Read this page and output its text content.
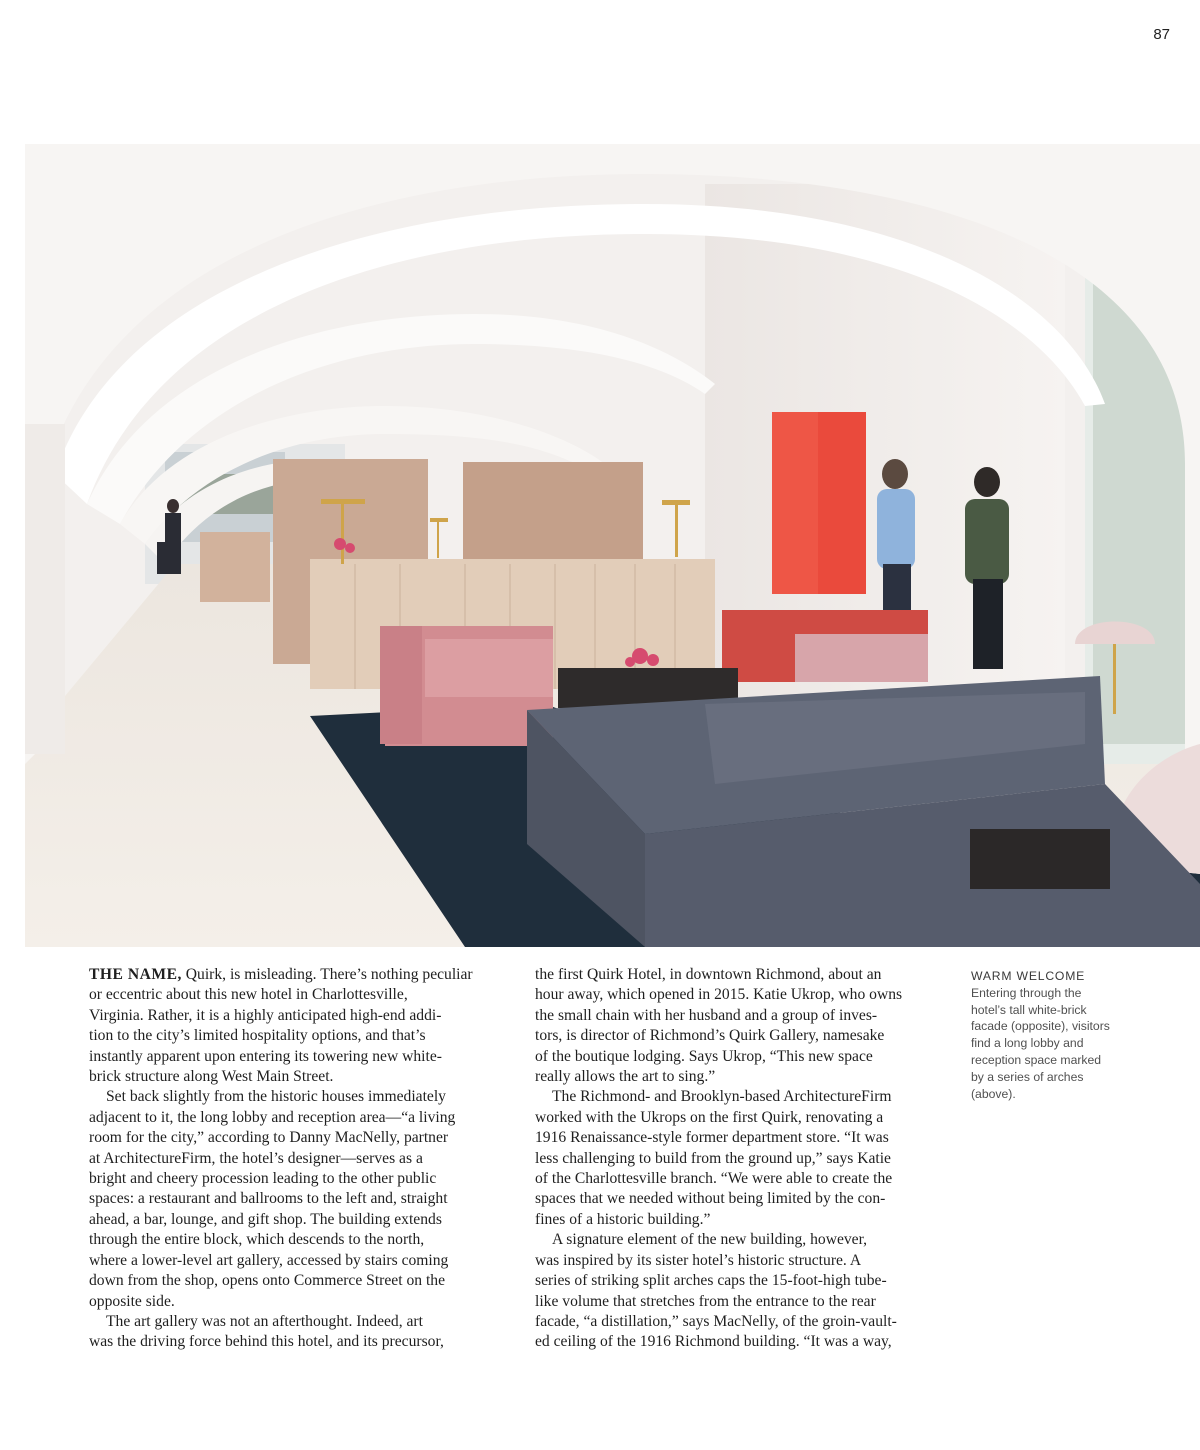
87

THE NAME, Quirk, is misleading. There’s nothing peculiar
or eccentric about this new hotel in Charlottesville,
Virginia. Rather, it is a highly anticipated high-end addi-
tion to the city’s limited hospitality options, and that’s
instantly apparent upon entering its towering new white-
brick structure along West Main Street.

Set back slightly from the historic houses immediately
adjacent to it, the long lobby and reception area—“a living
room for the city,” according to Danny MacNelly, partner
at ArchitectureFirm, the hotel’s designer—serves as a
bright and cheery procession leading to the other public
spaces: a restaurant and ballrooms to the left and, straight
ahead, a bar, lounge, and gift shop. The building extends
through the entire block, which descends to the north,
where a lower-level art gallery, accessed by stairs coming
down from the shop, opens onto Commerce Street on the
opposite side.

The art gallery was not an afterthought. Indeed, art
was the driving force behind this hotel, and its precursor,

the first Quirk Hotel, in downtown Richmond, about an
hour away, which opened in 2015. Katie Ukrop, who owns
the small chain with her husband and a group of inves-
tors, is director of Richmond’s Quirk Gallery, namesake
of the boutique lodging. Says Ukrop, “This new space
really allows the art to sing.”

The Richmond- and Brooklyn-based ArchitectureFirm
worked with the Ukrops on the first Quirk, renovating a
1916 Renaissance-style former department store. “It was
less challenging to build from the ground up,” says Katie
of the Charlottesville branch. “We were able to create the
spaces that we needed without being limited by the con-
fines of a historic building.”

A signature element of the new building, however,
was inspired by its sister hotel’s historic structure. A
series of striking split arches caps the 15-foot-high tube-
like volume that stretches from the entrance to the rear
facade, “a distillation,” says MacNelly, of the groin-vault-
ed ceiling of the 1916 Richmond building. “It was a way,

WARM WELCOME
Entering through the
hotel’s tall white-brick
facade (opposite), visitors
find a long lobby and
reception space marked
by a series of arches
(above).
